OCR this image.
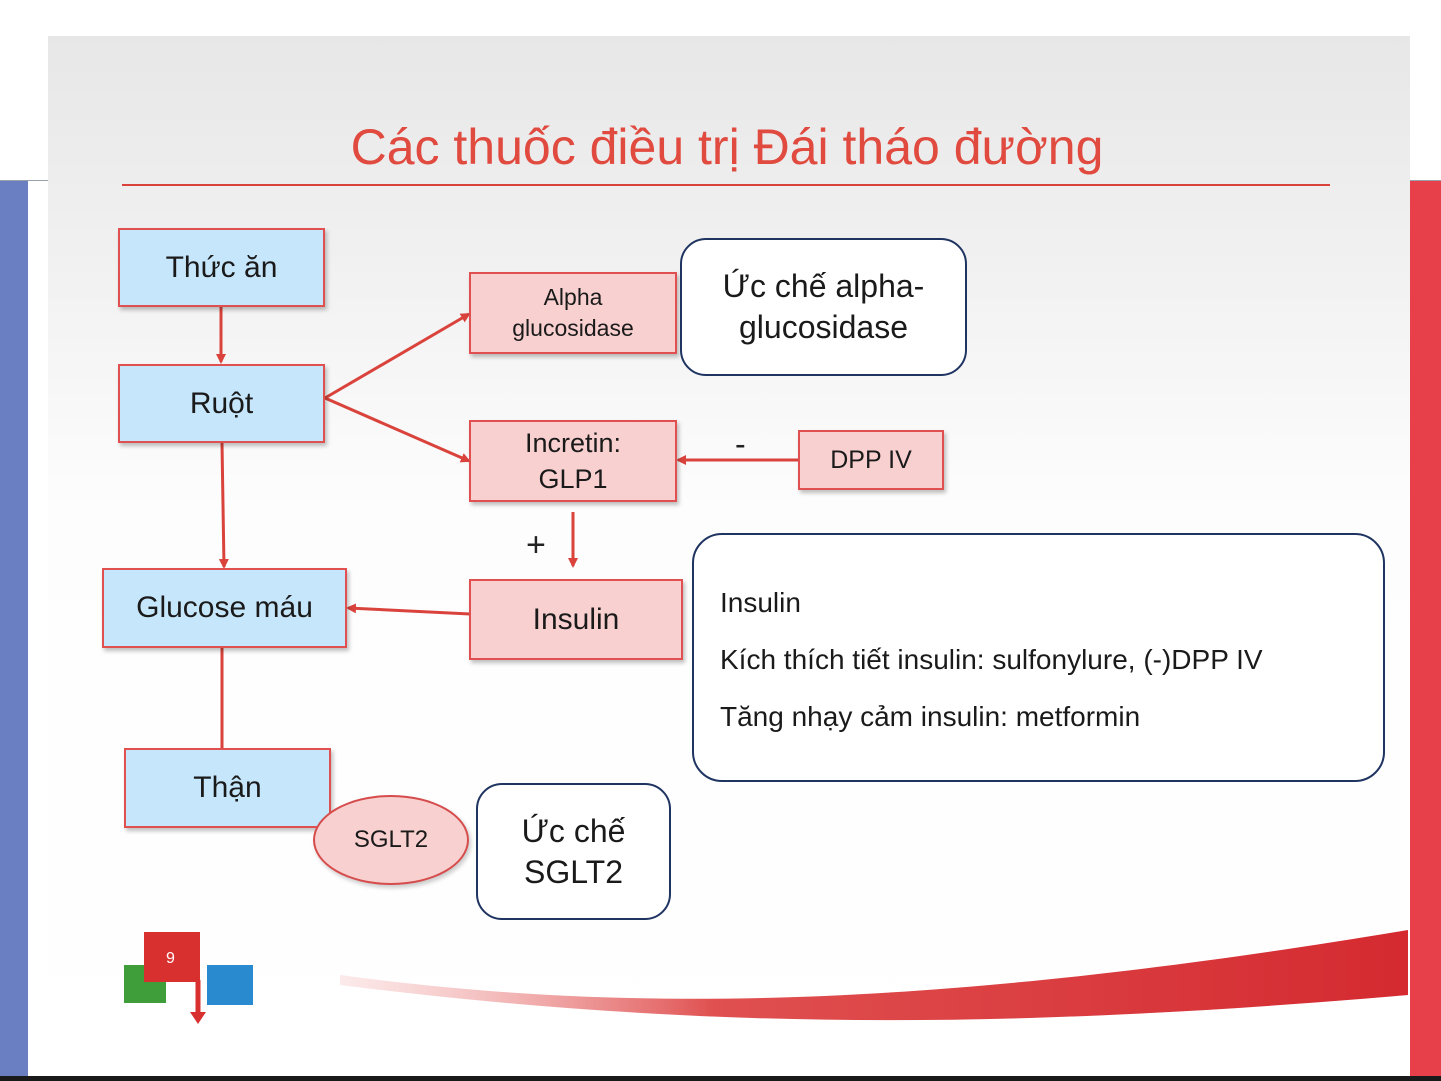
Các thuốc điều trị Đái tháo đường
Thức ăn
Ruột
Glucose máu
Thận
Alpha
glucosidase
Incretin:
GLP1
Insulin
DPP IV
SGLT2
Ức chế alpha-
glucosidase
Ức chế
SGLT2
-
+
Insulin
Kích thích tiết insulin: sulfonylure, (-)DPP IV
Tăng nhạy cảm insulin: metformin
9
